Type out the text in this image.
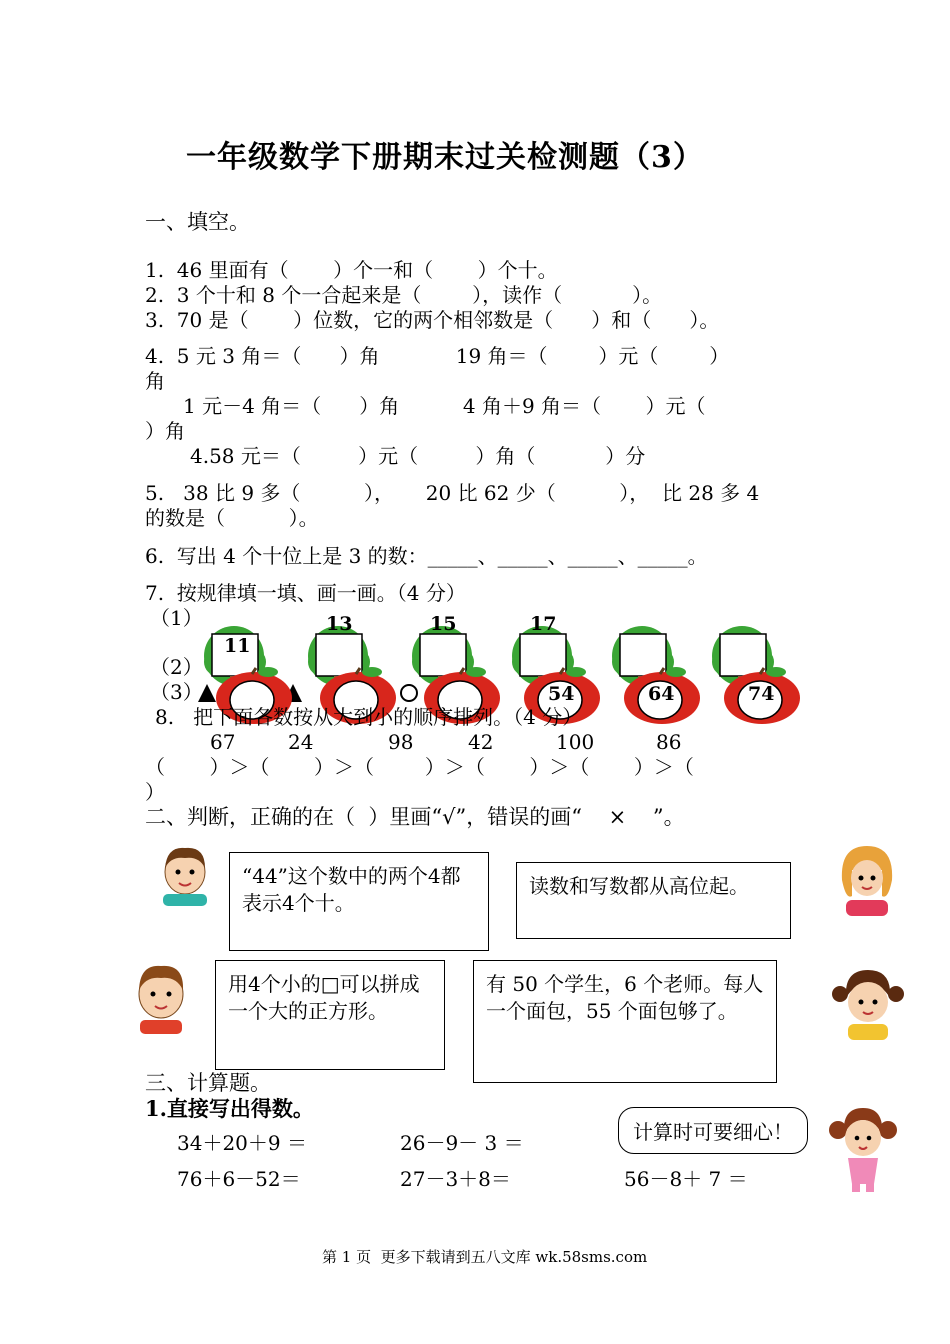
一年级数学下册期末过关检测题（3）
一、填空。
1.  46 里面有（       ）个一和（       ）个十。
2.  3 个十和 8 个一合起来是（        ），读作（           ）。
3.  70 是（       ）位数，它的两个相邻数是（      ）和（      ）。
4.  5 元 3 角＝（      ）角            19 角＝（        ）元（        ）
角
1 元－4 角＝（      ）角          4 角＋9 角＝（       ）元（
）角
4.58 元＝（         ）元（         ）角（           ）分
5.   38 比 9 多（          ），     20 比 62 少（          ），  比 28 多 4
的数是（          ）。
6.  写出 4 个十位上是 3 的数：_____、_____、_____、_____。
7.  按规律填一填、画一画。（4 分）
（1）
（2）
（3）
11
13	15	17
54	64	74
8.   把下面各数按从大到小的顺序排列。（4 分）
67	24	98	42	100	86
（       ）＞（       ）＞（        ）＞（       ）＞（       ）＞（
）
二、判断，正确的在（  ）里画“√”，错误的画“    ×    ”。
“44”这个数中的两个4都表示4个十。
读数和写数都从高位起。
用4个小的□可以拼成一个大的正方形。
有 50 个学生，6 个老师。每人一个面包，55 个面包够了。
三、计算题。
1.直接写出得数。
计算时可要细心！
34＋20＋9 ＝	26－9－ 3 ＝
76＋6－52＝	27－3＋8＝	56－8＋ 7 ＝
第 1 页  更多下载请到五八文库 wk.58sms.com
